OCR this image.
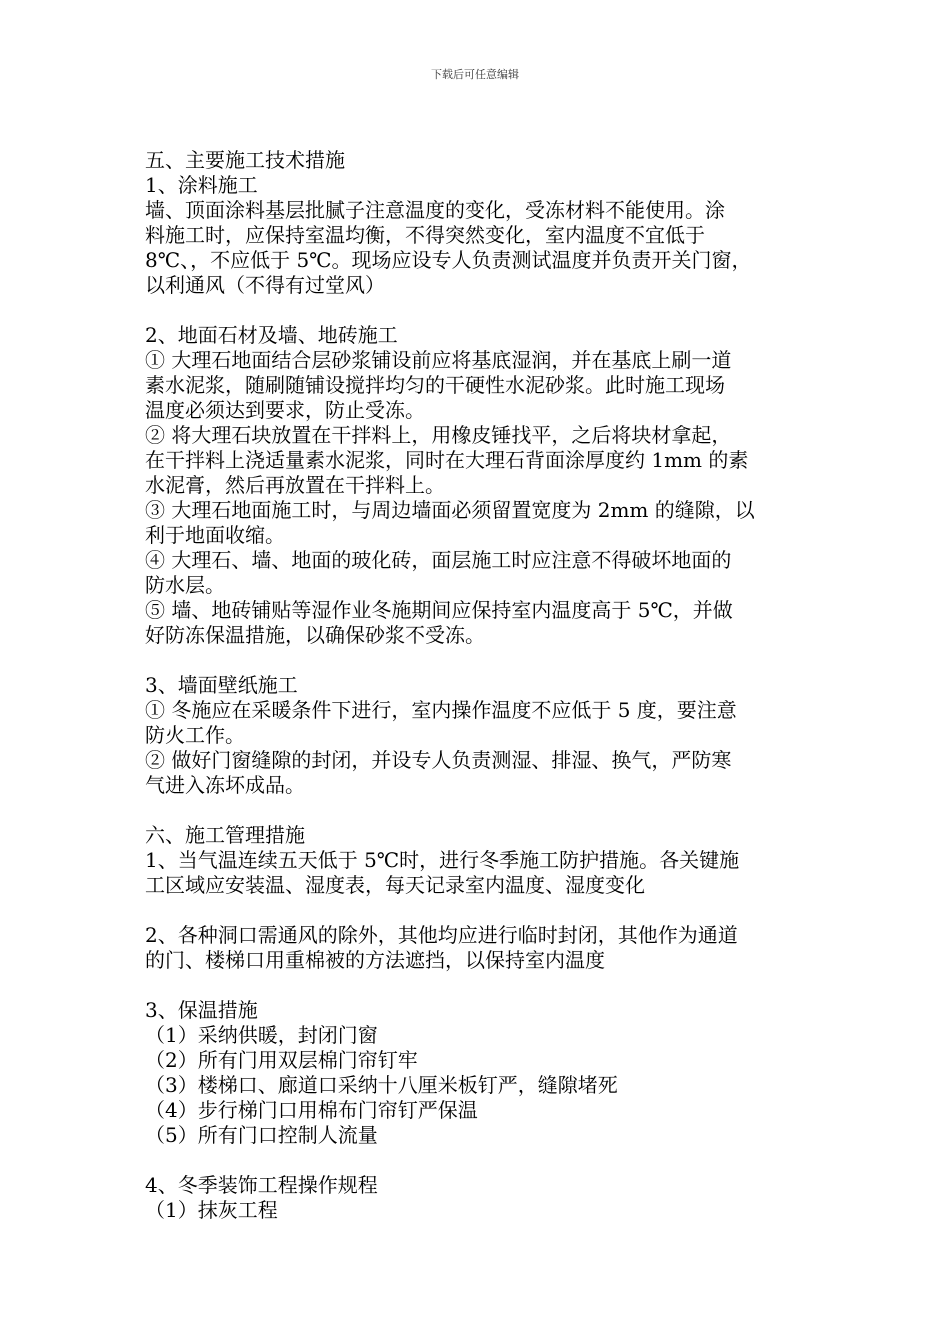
下载后可任意编辑
五、主要施工技术措施
1、涂料施工
墙、顶面涂料基层批腻子注意温度的变化，受冻材料不能使用。涂
料施工时，应保持室温均衡，不得突然变化，室内温度不宜低于
8℃、，不应低于 5℃。现场应设专人负责测试温度并负责开关门窗，
以利通风（不得有过堂风）
2、地面石材及墙、地砖施工
① 大理石地面结合层砂浆铺设前应将基底湿润，并在基底上刷一道
素水泥浆，随刷随铺设搅拌均匀的干硬性水泥砂浆。此时施工现场
温度必须达到要求，防止受冻。
② 将大理石块放置在干拌料上，用橡皮锤找平，之后将块材拿起，
在干拌料上浇适量素水泥浆，同时在大理石背面涂厚度约 1mm 的素
水泥膏，然后再放置在干拌料上。
③ 大理石地面施工时，与周边墙面必须留置宽度为 2mm 的缝隙，以
利于地面收缩。
④ 大理石、墙、地面的玻化砖，面层施工时应注意不得破坏地面的
防水层。
⑤ 墙、地砖铺贴等湿作业冬施期间应保持室内温度高于 5℃，并做
好防冻保温措施，以确保砂浆不受冻。
3、墙面壁纸施工
① 冬施应在采暖条件下进行，室内操作温度不应低于 5 度，要注意
防火工作。
② 做好门窗缝隙的封闭，并设专人负责测湿、排湿、换气，严防寒
气进入冻坏成品。
六、施工管理措施
1、当气温连续五天低于 5℃时，进行冬季施工防护措施。各关键施
工区域应安装温、湿度表，每天记录室内温度、湿度变化
2、各种洞口需通风的除外，其他均应进行临时封闭，其他作为通道
的门、楼梯口用重棉被的方法遮挡，以保持室内温度
3、保温措施
（1）采纳供暖，封闭门窗
（2）所有门用双层棉门帘钉牢
（3）楼梯口、廊道口采纳十八厘米板钉严，缝隙堵死
（4）步行梯门口用棉布门帘钉严保温
（5）所有门口控制人流量
4、冬季装饰工程操作规程
（1）抹灰工程
